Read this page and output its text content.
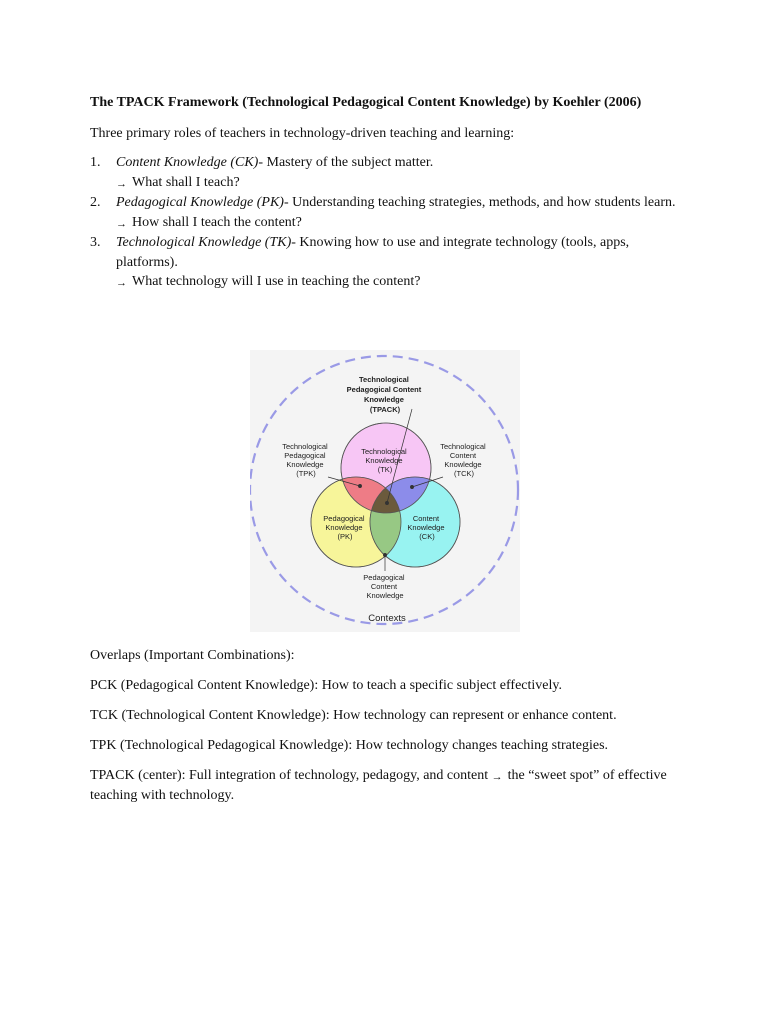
The TPACK Framework (Technological Pedagogical Content Knowledge) by Koehler (2006)

Three primary roles of teachers in technology-driven teaching and learning:

1. Content Knowledge (CK)- Mastery of the subject matter.
→ What shall I teach?
2. Pedagogical Knowledge (PK)- Understanding teaching strategies, methods, and how students learn.
→ How shall I teach the content?
3. Technological Knowledge (TK)- Knowing how to use and integrate technology (tools, apps, platforms).
→ What technology will I use in teaching the content?
Technological Pedagogical Content Knowledge (TPACK)
Technological Knowledge (TK)
Pedagogical Knowledge (PK)
Content Knowledge (CK)
Technological Pedagogical Knowledge (TPK)
Technological Content Knowledge (TCK)
Pedagogical Content Knowledge
Contexts

Overlaps (Important Combinations):

PCK (Pedagogical Content Knowledge): How to teach a specific subject effectively.

TCK (Technological Content Knowledge): How technology can represent or enhance content.

TPK (Technological Pedagogical Knowledge): How technology changes teaching strategies.

TPACK (center): Full integration of technology, pedagogy, and content → the “sweet spot” of effective teaching with technology.
